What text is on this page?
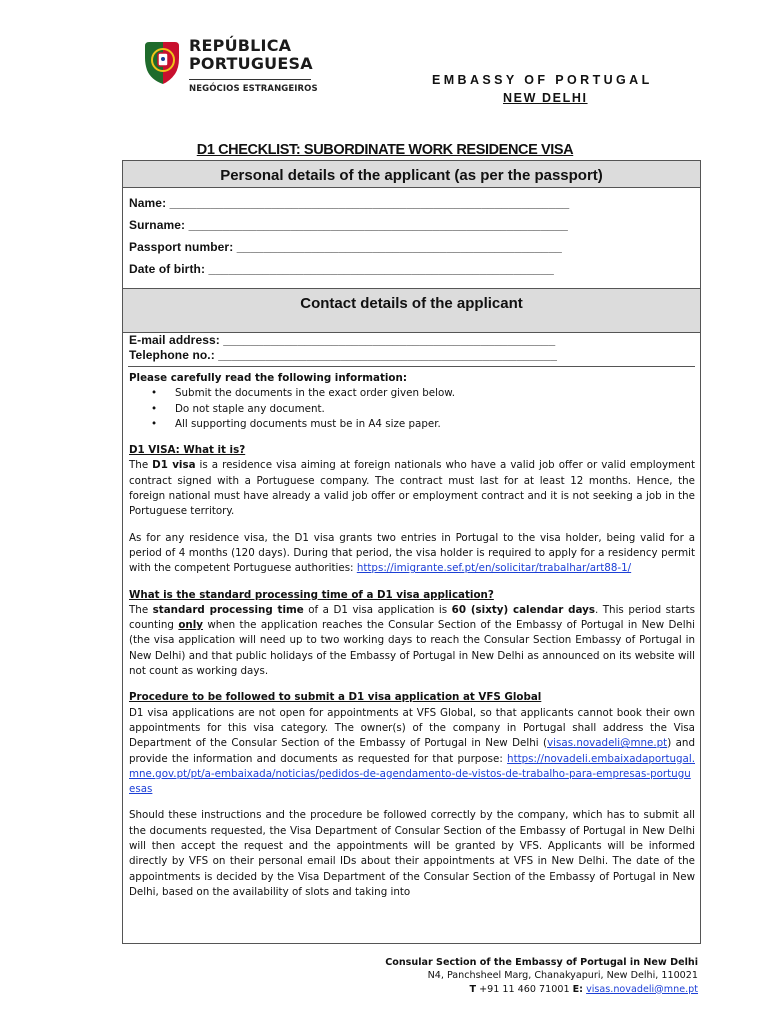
REPÚBLICA
PORTUGUESA
NEGÓCIOS ESTRANGEIROS
EMBASSY OF PORTUGAL
NEW DELHI
D1 CHECKLIST: SUBORDINATE WORK RESIDENCE VISA
Personal details of the applicant (as per the passport)
Name: ___________________________________________________________
Surname: ________________________________________________________
Passport number: ________________________________________________
Date of birth: ___________________________________________________
Contact details of the applicant
E-mail address: _________________________________________________
Telephone no.: __________________________________________________

Please carefully read the following information:

• Submit the documents in the exact order given below.
• Do not staple any document.
• All supporting documents must be in A4 size paper.

D1 VISA: What it is?

The D1 visa is a residence visa aiming at foreign nationals who have a valid job offer or valid employment contract signed with a Portuguese company. The contract must last for at least 12 months. Hence, the foreign national must have already a valid job offer or employment contract and it is not seeking a job in the Portuguese territory.

As for any residence visa, the D1 visa grants two entries in Portugal to the visa holder, being valid for a period of 4 months (120 days). During that period, the visa holder is required to apply for a residency permit with the competent Portuguese authorities: https://imigrante.sef.pt/en/solicitar/trabalhar/art88-1/

What is the standard processing time of a D1 visa application?

The standard processing time of a D1 visa application is 60 (sixty) calendar days. This period starts counting only when the application reaches the Consular Section of the Embassy of Portugal in New Delhi (the visa application will need up to two working days to reach the Consular Section Embassy of Portugal in New Delhi) and that public holidays of the Embassy of Portugal in New Delhi as announced on its website will not count as working days.

Procedure to be followed to submit a D1 visa application at VFS Global

D1 visa applications are not open for appointments at VFS Global, so that applicants cannot book their own appointments for this visa category. The owner(s) of the company in Portugal shall address the Visa Department of the Consular Section of the Embassy of Portugal in New Delhi (visas.novadeli@mne.pt) and provide the information and documents as requested for that purpose: https://novadeli.embaixadaportugal.mne.gov.pt/pt/a-embaixada/noticias/pedidos-de-agendamento-de-vistos-de-trabalho-para-empresas-portuguesas

Should these instructions and the procedure be followed correctly by the company, which has to submit all the documents requested, the Visa Department of Consular Section of the Embassy of Portugal in New Delhi will then accept the request and the appointments will be granted by VFS. Applicants will be informed directly by VFS on their personal email IDs about their appointments at VFS in New Delhi. The date of the appointments is decided by the Visa Department of the Consular Section of the Embassy of Portugal in New Delhi, based on the availability of slots and taking into

Consular Section of the Embassy of Portugal in New Delhi
N4, Panchsheel Marg, Chanakyapuri, New Delhi, 110021
T +91 11 460 71001 E: visas.novadeli@mne.pt
